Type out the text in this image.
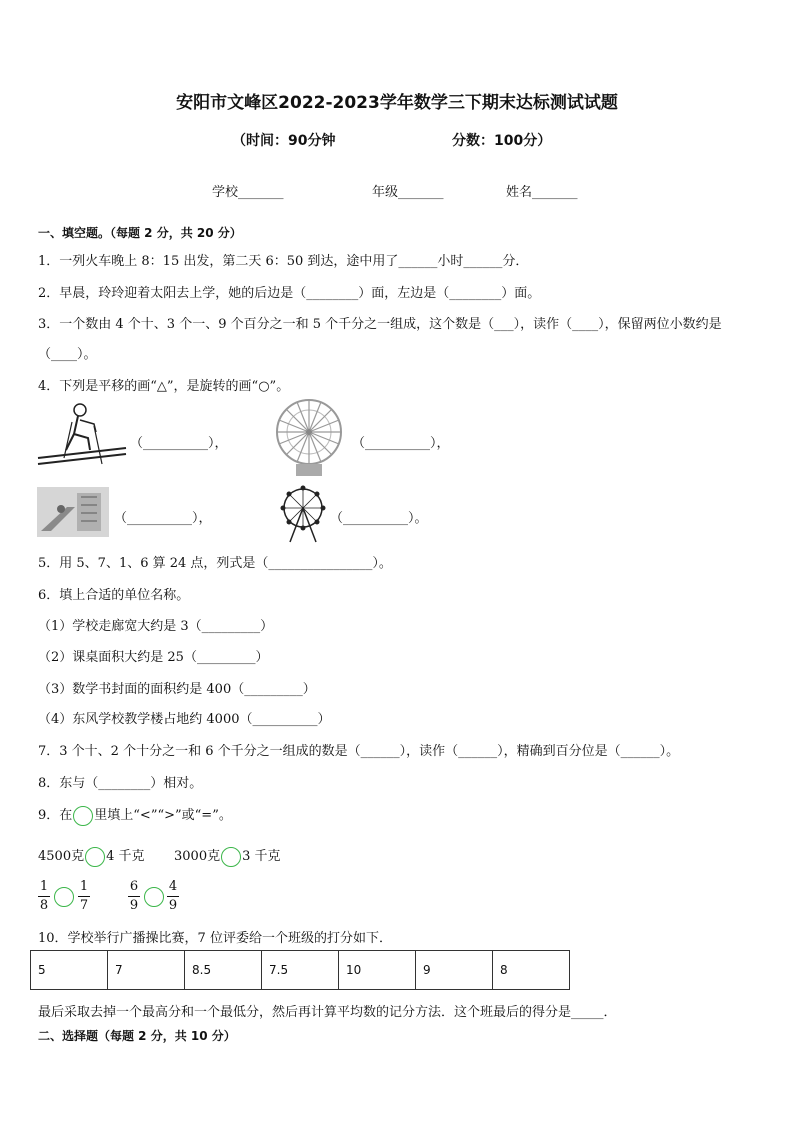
安阳市文峰区2022-2023学年数学三下期末达标测试试题
（时间：90分钟	分数：100分）
学校_______	年级_______	姓名_______
一、填空题。（每题 2 分，共 20 分）
1．一列火车晚上 8：15 出发，第二天 6：50 到达，途中用了______小时______分．
2．早晨，玲玲迎着太阳去上学，她的后边是（________）面，左边是（________）面。
3．一个数由 4 个十、3 个一、9 个百分之一和 5 个千分之一组成，这个数是（___），读作（____），保留两位小数约是
（____）。
4．下列是平移的画“△”，是旋转的画“○”。
（__________），	（__________），
（__________），	（__________）。
5．用 5、7、1、6 算 24 点，列式是（________________）。
6．填上合适的单位名称。
（1）学校走廊宽大约是 3（_________）
（2）课桌面积大约是 25（_________）
（3）数学书封面的面积约是 400（_________）
（4）东风学校教学楼占地约 4000（__________）
7．3 个十、2 个十分之一和 6 个千分之一组成的数是（______），读作（______），精确到百分位是（______）。
8．东与（________）相对。
9．在 里填上“<”“>”或“=”。
4500克 4 千克 3000克 3 千克
1
8
1
7
6
9
4
9
10．学校举行广播操比赛，7 位评委给一个班级的打分如下．
5	7	8.5	7.5	10	9	8
最后采取去掉一个最高分和一个最低分，然后再计算平均数的记分方法．这个班最后的得分是_____．
二、选择题（每题 2 分，共 10 分）
